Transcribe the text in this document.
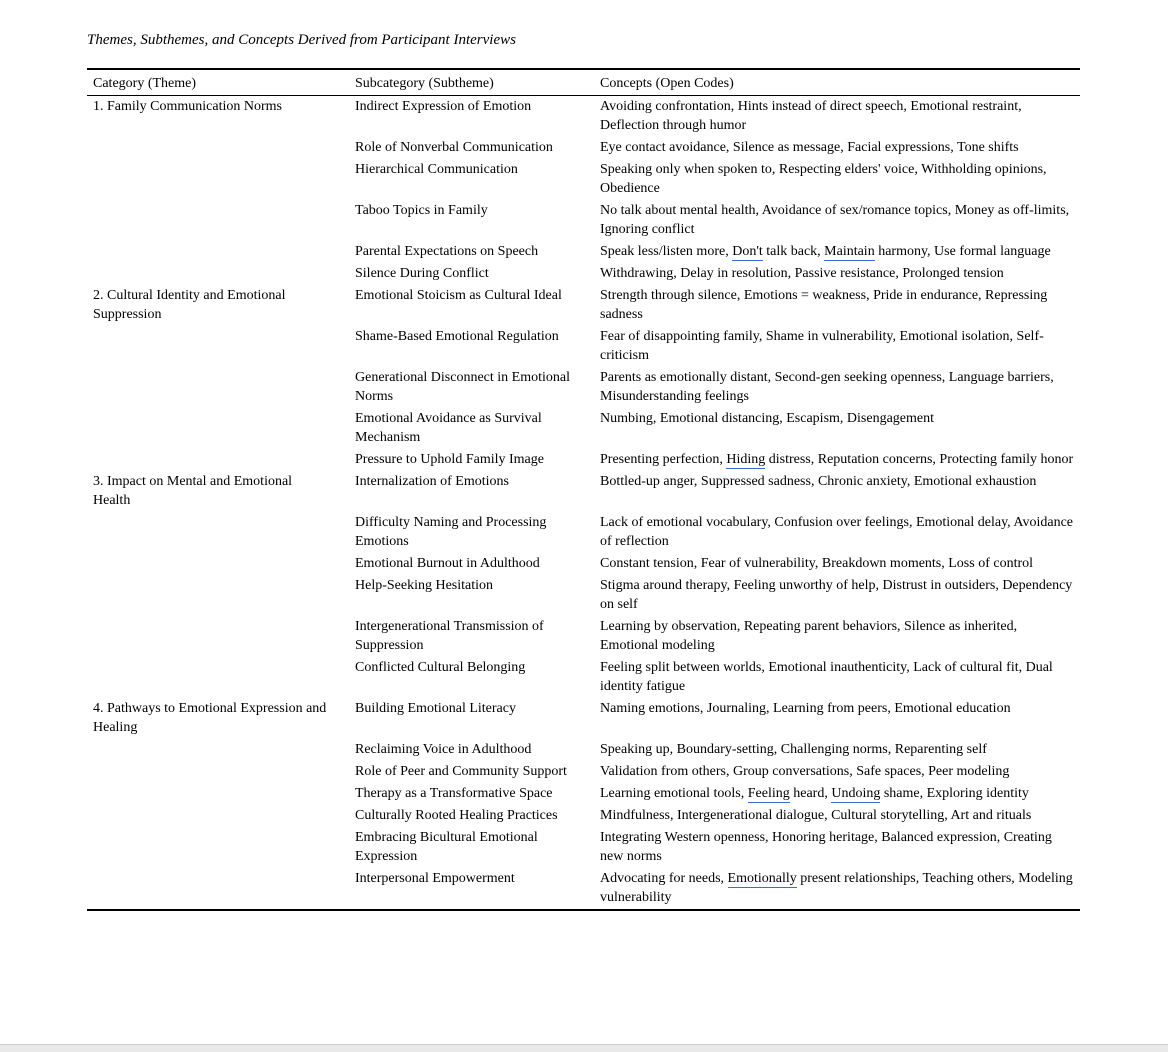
Themes, Subthemes, and Concepts Derived from Participant Interviews

Category (Theme)	Subcategory (Subtheme)	Concepts (Open Codes)
1. Family Communication Norms	Indirect Expression of Emotion	Avoiding confrontation, Hints instead of direct speech, Emotional restraint, Deflection through humor
	Role of Nonverbal Communication	Eye contact avoidance, Silence as message, Facial expressions, Tone shifts
	Hierarchical Communication	Speaking only when spoken to, Respecting elders' voice, Withholding opinions, Obedience
	Taboo Topics in Family	No talk about mental health, Avoidance of sex/romance topics, Money as off-limits, Ignoring conflict
	Parental Expectations on Speech	Speak less/listen more, Don't talk back, Maintain harmony, Use formal language
	Silence During Conflict	Withdrawing, Delay in resolution, Passive resistance, Prolonged tension
2. Cultural Identity and Emotional Suppression	Emotional Stoicism as Cultural Ideal	Strength through silence, Emotions = weakness, Pride in endurance, Repressing sadness
	Shame-Based Emotional Regulation	Fear of disappointing family, Shame in vulnerability, Emotional isolation, Self-criticism
	Generational Disconnect in Emotional Norms	Parents as emotionally distant, Second-gen seeking openness, Language barriers, Misunderstanding feelings
	Emotional Avoidance as Survival Mechanism	Numbing, Emotional distancing, Escapism, Disengagement
	Pressure to Uphold Family Image	Presenting perfection, Hiding distress, Reputation concerns, Protecting family honor
3. Impact on Mental and Emotional Health	Internalization of Emotions	Bottled-up anger, Suppressed sadness, Chronic anxiety, Emotional exhaustion
	Difficulty Naming and Processing Emotions	Lack of emotional vocabulary, Confusion over feelings, Emotional delay, Avoidance of reflection
	Emotional Burnout in Adulthood	Constant tension, Fear of vulnerability, Breakdown moments, Loss of control
	Help-Seeking Hesitation	Stigma around therapy, Feeling unworthy of help, Distrust in outsiders, Dependency on self
	Intergenerational Transmission of Suppression	Learning by observation, Repeating parent behaviors, Silence as inherited, Emotional modeling
	Conflicted Cultural Belonging	Feeling split between worlds, Emotional inauthenticity, Lack of cultural fit, Dual identity fatigue
4. Pathways to Emotional Expression and Healing	Building Emotional Literacy	Naming emotions, Journaling, Learning from peers, Emotional education
	Reclaiming Voice in Adulthood	Speaking up, Boundary-setting, Challenging norms, Reparenting self
	Role of Peer and Community Support	Validation from others, Group conversations, Safe spaces, Peer modeling
	Therapy as a Transformative Space	Learning emotional tools, Feeling heard, Undoing shame, Exploring identity
	Culturally Rooted Healing Practices	Mindfulness, Intergenerational dialogue, Cultural storytelling, Art and rituals
	Embracing Bicultural Emotional Expression	Integrating Western openness, Honoring heritage, Balanced expression, Creating new norms
	Interpersonal Empowerment	Advocating for needs, Emotionally present relationships, Teaching others, Modeling vulnerability
